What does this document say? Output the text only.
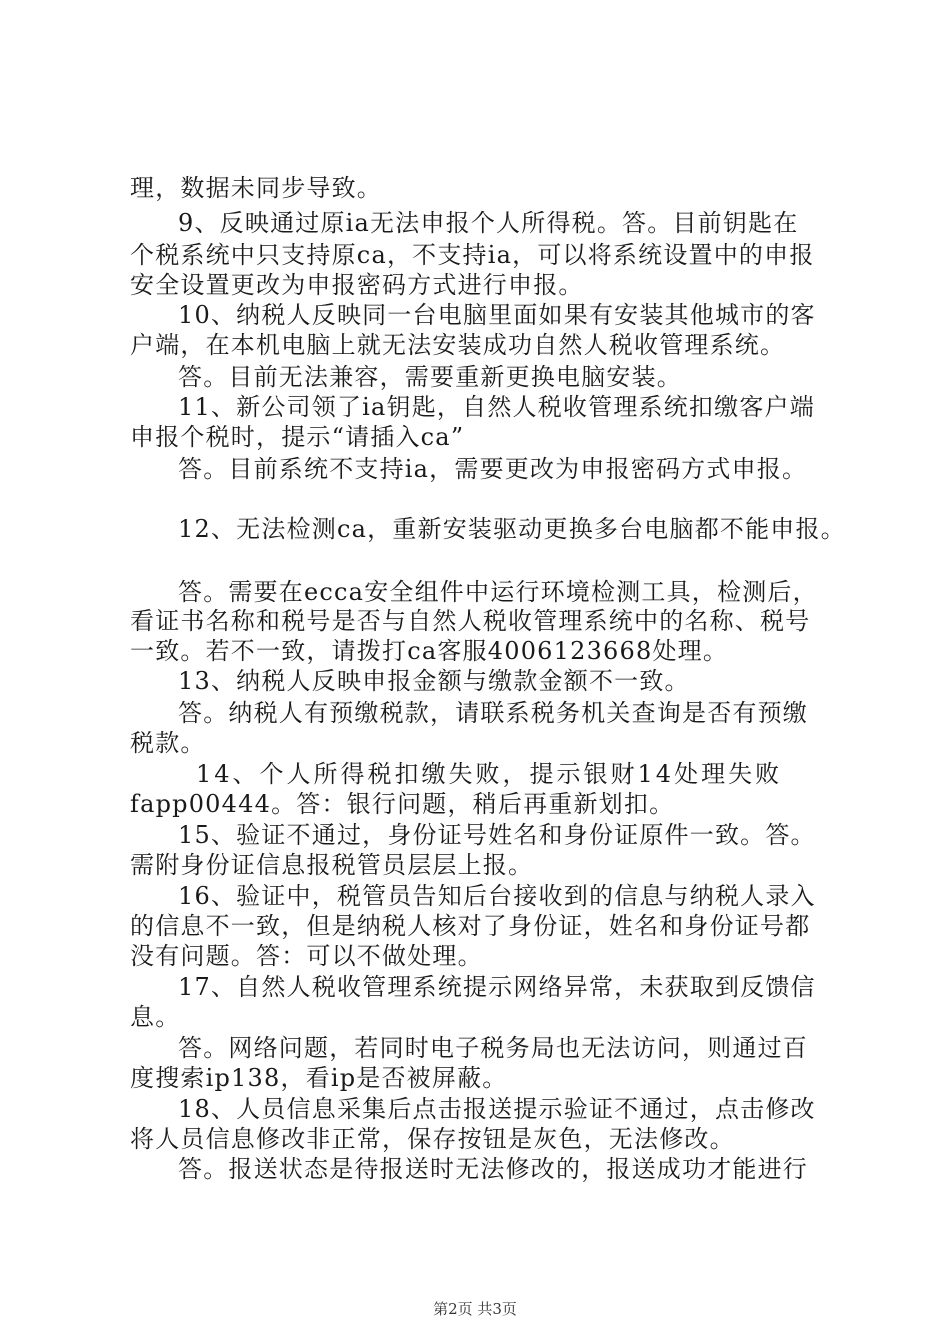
理，数据未同步导致。
9、反映通过原ia无法申报个人所得税。答。目前钥匙在
个税系统中只支持原ca，不支持ia，可以将系统设置中的申报
安全设置更改为申报密码方式进行申报。
10、纳税人反映同一台电脑里面如果有安装其他城市的客
户端，在本机电脑上就无法安装成功自然人税收管理系统。
答。目前无法兼容，需要重新更换电脑安装。
11、新公司领了ia钥匙，自然人税收管理系统扣缴客户端
申报个税时，提示“请插入ca”
答。目前系统不支持ia，需要更改为申报密码方式申报。
12、无法检测ca，重新安装驱动更换多台电脑都不能申报。
答。需要在ecca安全组件中运行环境检测工具，检测后，
看证书名称和税号是否与自然人税收管理系统中的名称、税号
一致。若不一致，请拨打ca客服4006123668处理。
13、纳税人反映申报金额与缴款金额不一致。
答。纳税人有预缴税款，请联系税务机关查询是否有预缴
税款。
14、个人所得税扣缴失败，提示银财14处理失败
fapp00444。答：银行问题，稍后再重新划扣。
15、验证不通过，身份证号姓名和身份证原件一致。答。
需附身份证信息报税管员层层上报。
16、验证中，税管员告知后台接收到的信息与纳税人录入
的信息不一致，但是纳税人核对了身份证，姓名和身份证号都
没有问题。答：可以不做处理。
17、自然人税收管理系统提示网络异常，未获取到反馈信
息。
答。网络问题，若同时电子税务局也无法访问，则通过百
度搜索ip138，看ip是否被屏蔽。
18、人员信息采集后点击报送提示验证不通过，点击修改
将人员信息修改非正常，保存按钮是灰色，无法修改。
答。报送状态是待报送时无法修改的，报送成功才能进行
第2页 共3页
